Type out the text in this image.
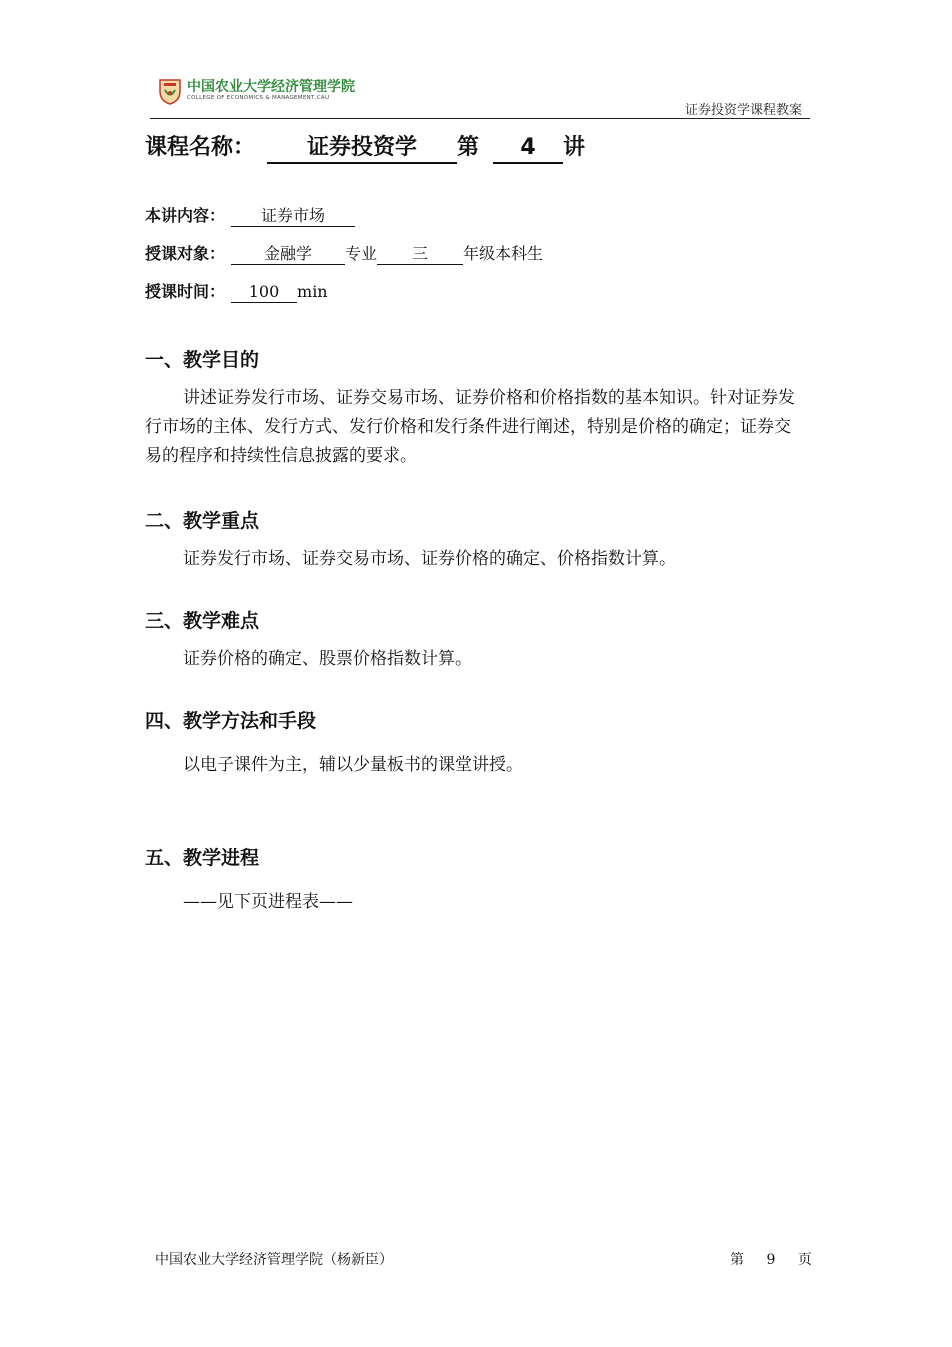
中国农业大学经济管理学院
COLLEGE OF ECONOMICS & MANAGEMENT,CAU
证券投资学课程教案
课程名称： 证券投资学 第 4 讲
本讲内容： 证券市场
授课对象： 金融学 专业 三 年级本科生
授课时间： 100 min
一、教学目的
讲述证券发行市场、证券交易市场、证券价格和价格指数的基本知识。针对证券发行市场的主体、发行方式、发行价格和发行条件进行阐述，特别是价格的确定；证券交易的程序和持续性信息披露的要求。
二、教学重点
证券发行市场、证券交易市场、证券价格的确定、价格指数计算。
三、教学难点
证券价格的确定、股票价格指数计算。
四、教学方法和手段
以电子课件为主，辅以少量板书的课堂讲授。
五、教学进程
——见下页进程表——
中国农业大学经济管理学院（杨新臣）	第 9 页
